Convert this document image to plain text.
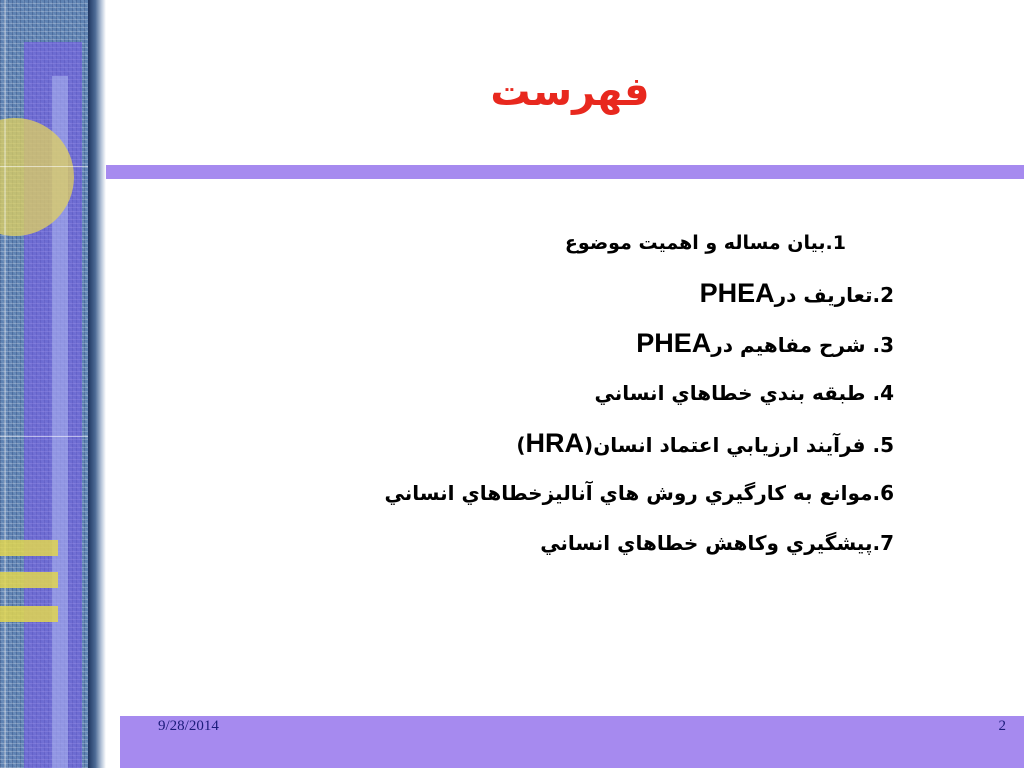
فهرست

1.بيان مساله و اهميت موضوع

2.تعاريف درPHEA

3. شرح مفاهيم درPHEA

4. طبقه بندي خطاهاي انساني

5. فرآيند ارزيابي اعتماد انسان(HRA)

6.موانع به کارگيري روش هاي آناليزخطاهاي انساني

7.پيشگيري وکاهش خطاهاي انساني

9/28/2014	2
